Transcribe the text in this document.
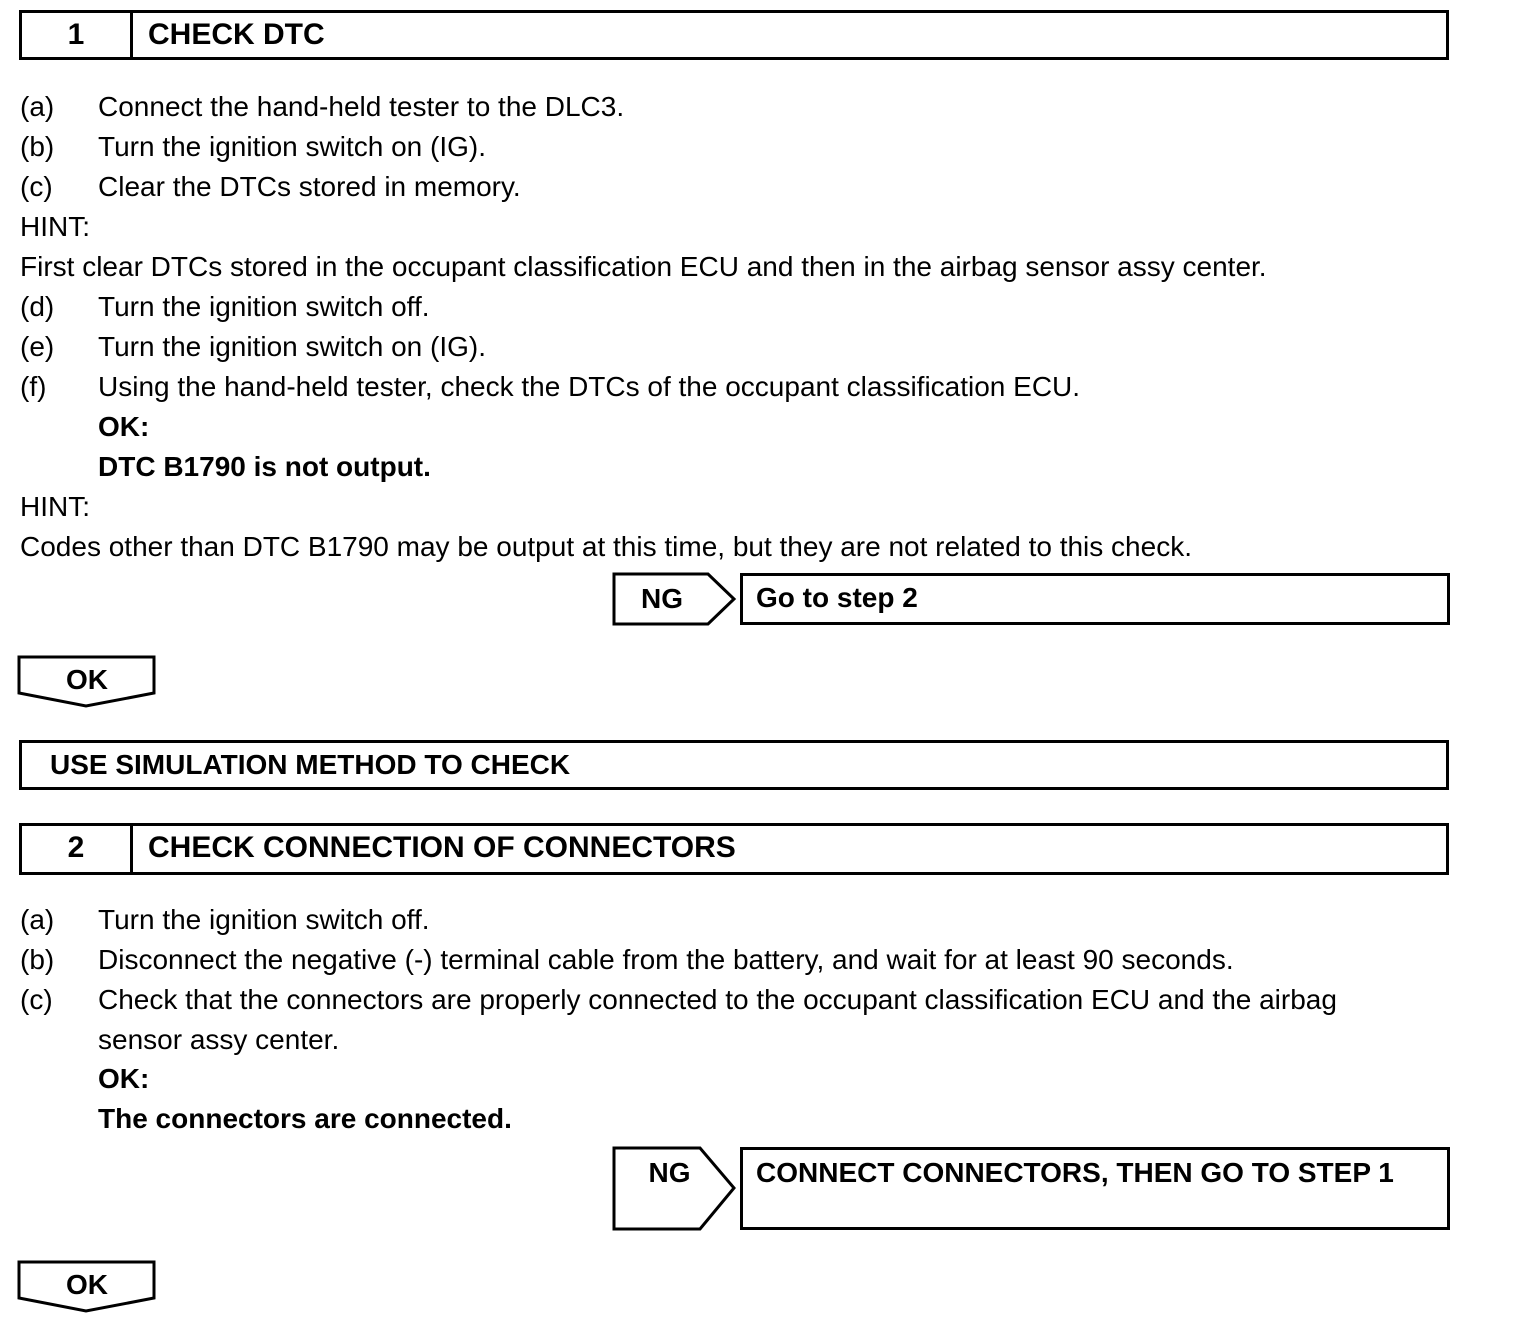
1	CHECK DTC
(a) Connect the hand-held tester to the DLC3.
(b) Turn the ignition switch on (IG).
(c) Clear the DTCs stored in memory.
HINT:
First clear DTCs stored in the occupant classification ECU and then in the airbag sensor assy center.
(d) Turn the ignition switch off.
(e) Turn the ignition switch on (IG).
(f) Using the hand-held tester, check the DTCs of the occupant classification ECU.
OK:
DTC B1790 is not output.
HINT:
Codes other than DTC B1790 may be output at this time, but they are not related to this check.
NG	Go to step 2
OK
USE SIMULATION METHOD TO CHECK
2	CHECK CONNECTION OF CONNECTORS
(a) Turn the ignition switch off.
(b) Disconnect the negative (-) terminal cable from the battery, and wait for at least 90 seconds.
(c) Check that the connectors are properly connected to the occupant classification ECU and the airbag
sensor assy center.
OK:
The connectors are connected.
NG	CONNECT CONNECTORS, THEN GO TO STEP 1
OK
